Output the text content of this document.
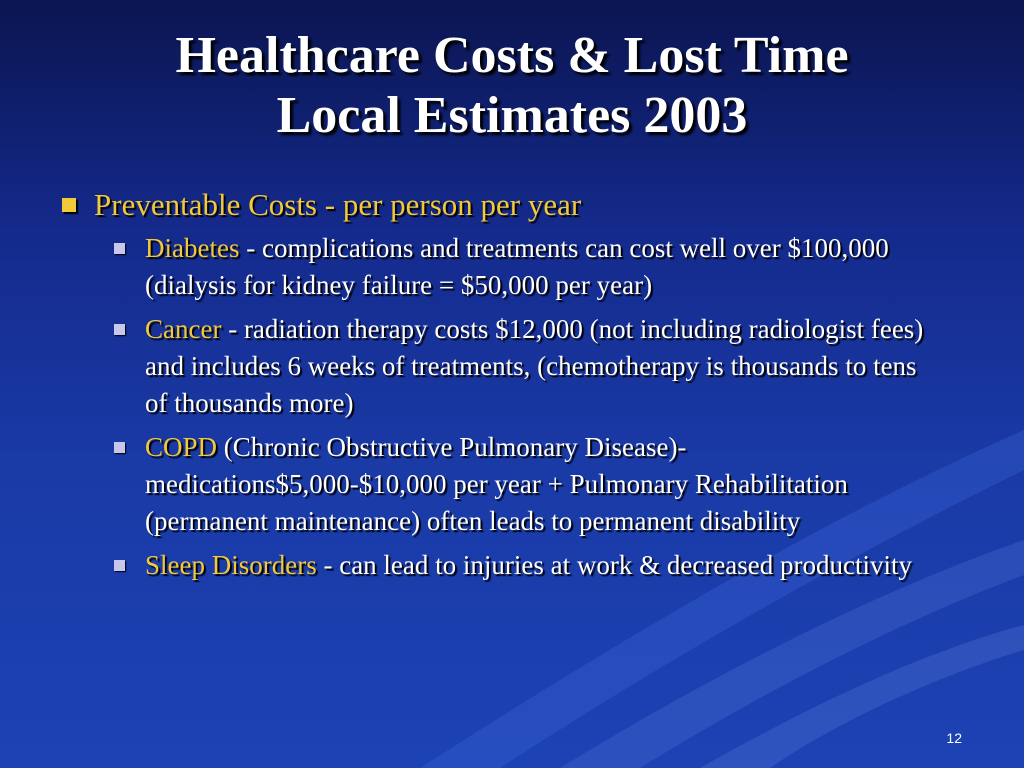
Healthcare Costs & Lost Time
Local Estimates 2003
Preventable Costs - per person per year
Diabetes - complications and treatments can cost well over $100,000 (dialysis for kidney failure = $50,000 per year)
Cancer - radiation therapy costs $12,000 (not including radiologist fees) and includes 6 weeks of treatments, (chemotherapy is thousands to tens of thousands more)
COPD (Chronic Obstructive Pulmonary Disease)- medications$5,000-$10,000 per year + Pulmonary Rehabilitation (permanent maintenance) often leads to permanent disability
Sleep Disorders - can lead to injuries at work & decreased productivity
12
